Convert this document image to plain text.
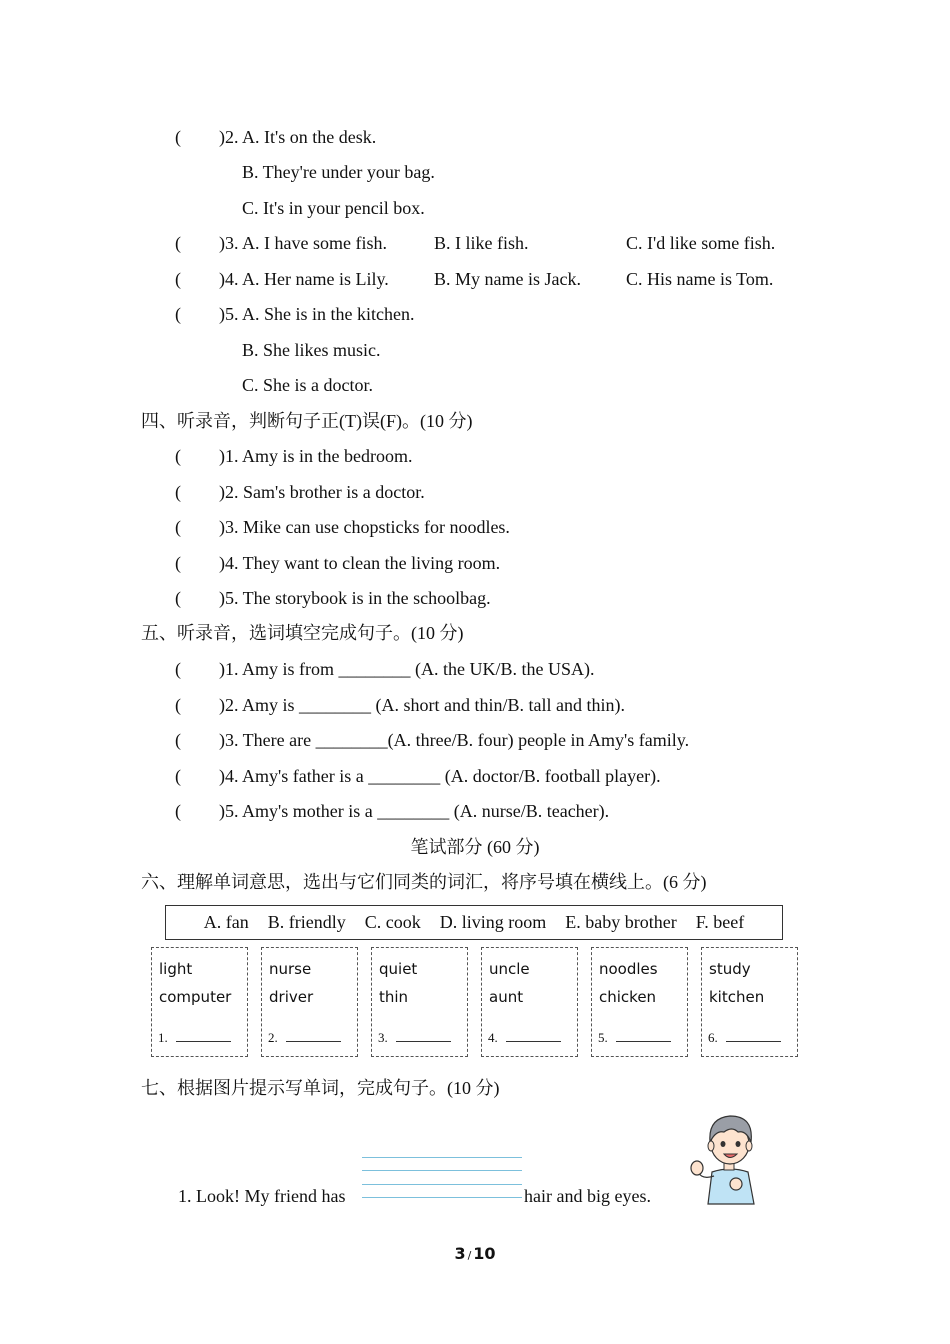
(	)2. A. It's on the desk.
B. They're under your bag.
C. It's in your pencil box.
(	)3. A. I have some fish.	B. I like fish.	C. I'd like some fish.
(	)4. A. Her name is Lily.	B. My name is Jack.	C. His name is Tom.
(	)5. A. She is in the kitchen.
B. She likes music.
C. She is a doctor.
四、听录音，判断句子正(T)误(F)。(10 分)
(	)1. Amy is in the bedroom.
(	)2. Sam's brother is a doctor.
(	)3. Mike can use chopsticks for noodles.
(	)4. They want to clean the living room.
(	)5. The storybook is in the schoolbag.
五、听录音，选词填空完成句子。(10 分)
(	)1. Amy is from ________ (A. the UK/B. the USA).
(	)2. Amy is ________ (A. short and thin/B. tall and thin).
(	)3. There are ________(A. three/B. four) people in Amy's family.
(	)4. Amy's father is a ________ (A. doctor/B. football player).
(	)5. Amy's mother is a ________ (A. nurse/B. teacher).
笔试部分 (60 分)
六、理解单词意思，选出与它们同类的词汇，将序号填在横线上。(6 分)
A. fan B. friendly C. cook D. living room E. baby brother F. beef
light
computer
1.
nurse
driver
2.
quiet
thin
3.
uncle
aunt
4.
noodles
chicken
5.
study
kitchen
6.
七、根据图片提示写单词，完成句子。(10 分)
1. Look! My friend has	hair and big eyes.
3 / 10
